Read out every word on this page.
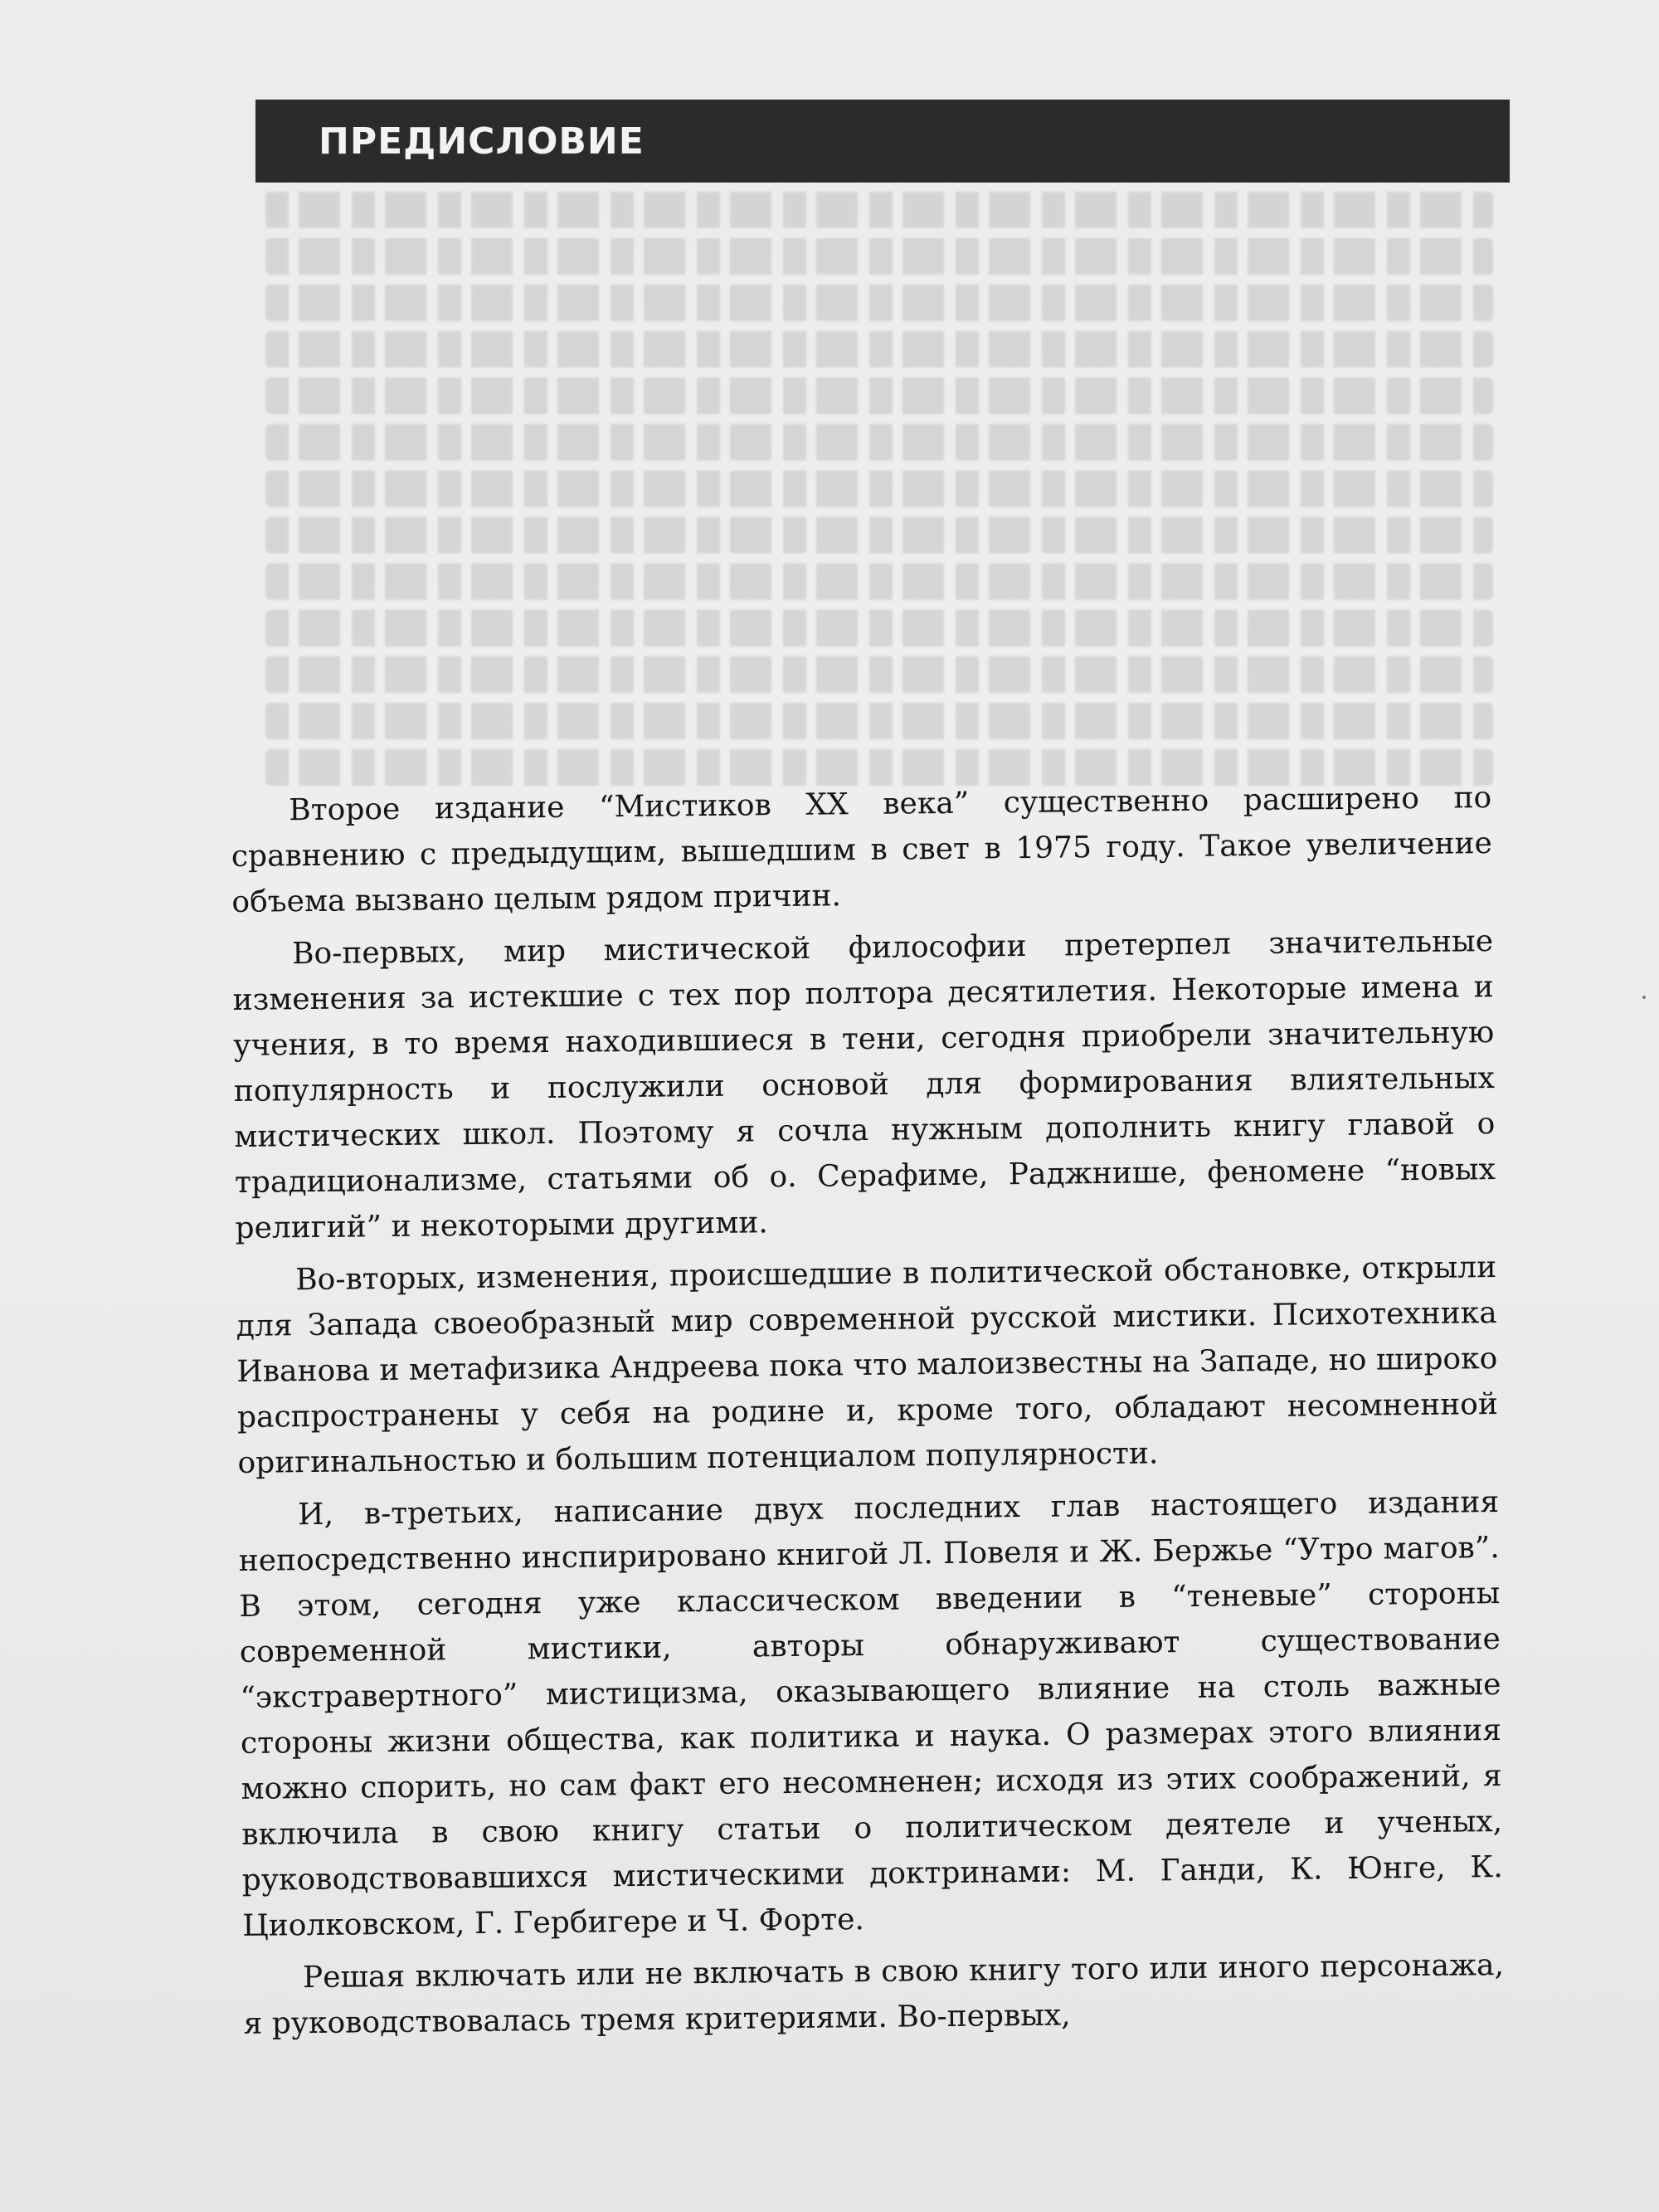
ПРЕДИСЛОВИЕ

Второе издание “Мистиков XX века” существенно расширено по сравнению с предыдущим, вышедшим в свет в 1975 году. Такое увеличение объема вызвано целым рядом причин.

Во-первых, мир мистической философии претерпел значительные изменения за истекшие с тех пор полтора десятилетия. Некоторые имена и учения, в то время находившиеся в тени, сегодня приобрели значительную популярность и послужили основой для формирования влиятельных мистических школ. Поэтому я сочла нужным дополнить книгу главой о традиционализме, статьями об о. Серафиме, Раджнише, феномене “новых религий” и некоторыми другими.

Во-вторых, изменения, происшедшие в политической обстановке, открыли для Запада своеобразный мир современной русской мистики. Психотехника Иванова и метафизика Андреева пока что малоизвестны на Западе, но широко распространены у себя на родине и, кроме того, обладают несомненной оригинальностью и большим потенциалом популярности.

И, в-третьих, написание двух последних глав настоящего издания непосредственно инспирировано книгой Л. Повеля и Ж. Бержье “Утро магов”. В этом, сегодня уже классическом введении в “теневые” стороны современной мистики, авторы обнаруживают существование “экстравертного” мистицизма, оказывающего влияние на столь важные стороны жизни общества, как политика и наука. О размерах этого влияния можно спорить, но сам факт его несомненен; исходя из этих соображений, я включила в свою книгу статьи о политическом деятеле и ученых, руководствовавшихся мистическими доктринами: М. Ганди, К. Юнге, К. Циолковском, Г. Гербигере и Ч. Форте.

Решая включать или не включать в свою книгу того или иного персонажа, я руководствовалась тремя критериями. Во-первых,
